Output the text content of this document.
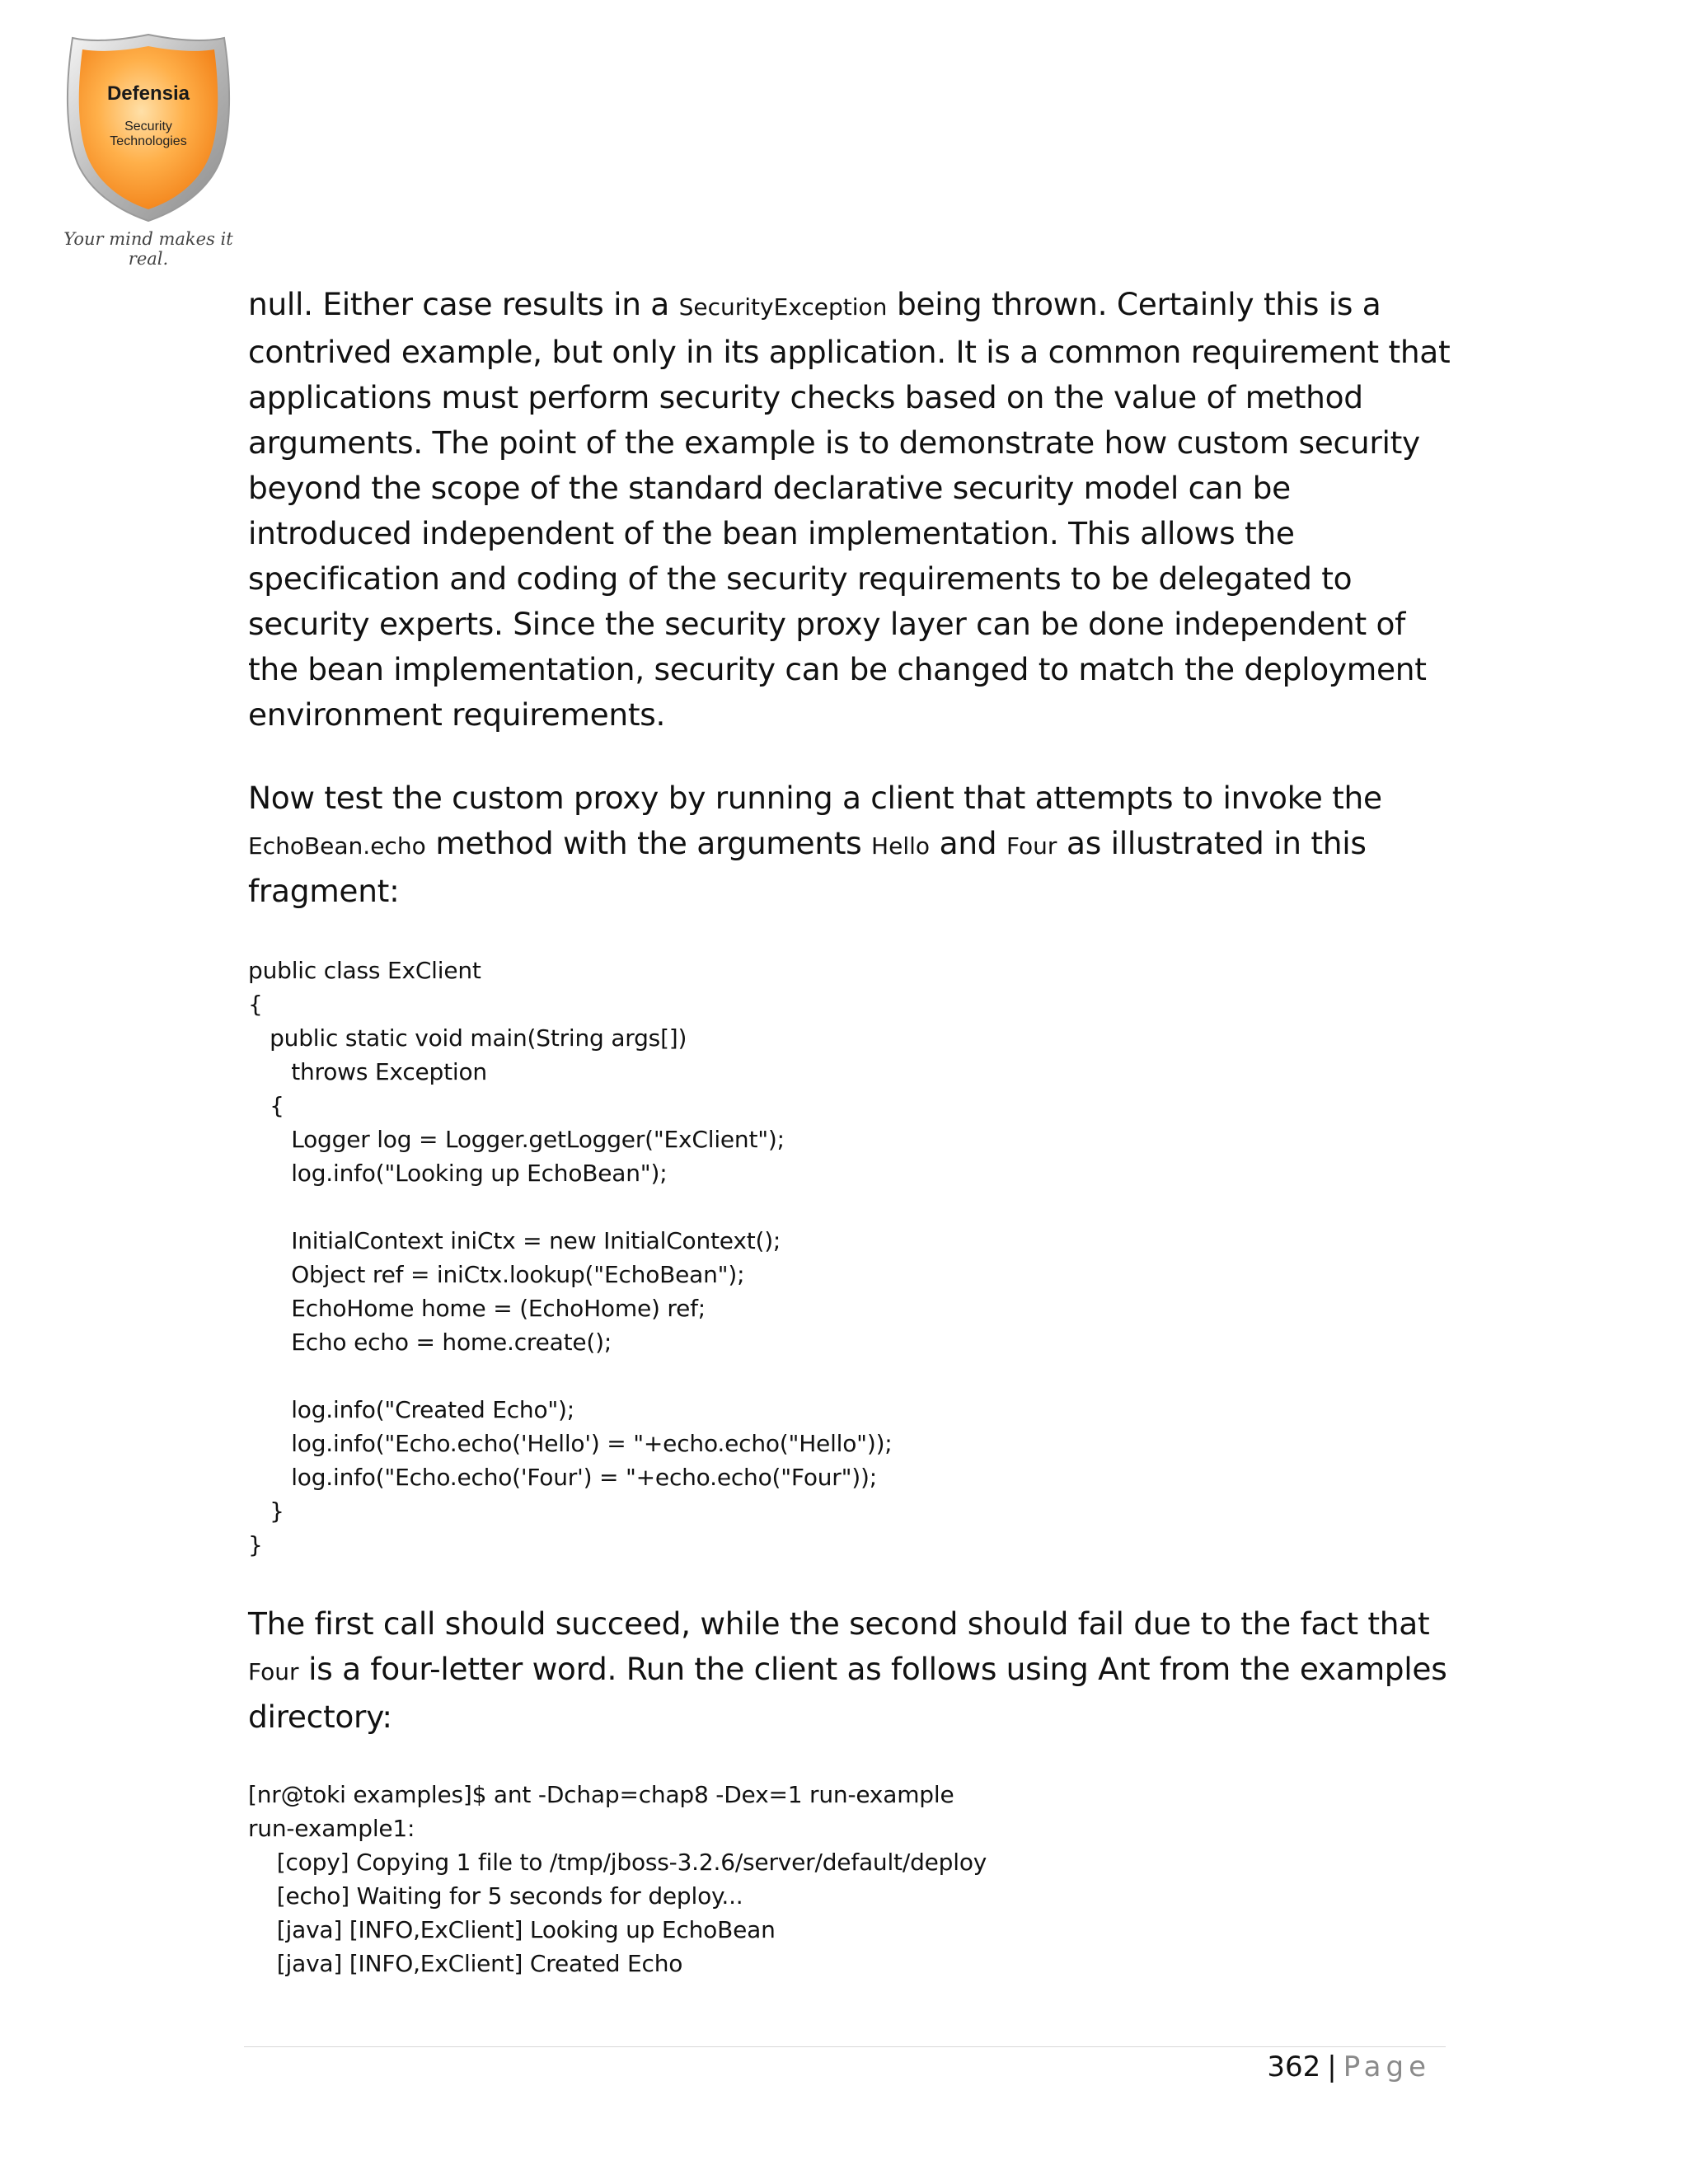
Defensia
Security
Technologies
Your mind makes it real.

null. Either case results in a SecurityException being thrown. Certainly this is a contrived example, but only in its application. It is a common requirement that applications must perform security checks based on the value of method arguments. The point of the example is to demonstrate how custom security beyond the scope of the standard declarative security model can be introduced independent of the bean implementation. This allows the specification and coding of the security requirements to be delegated to security experts. Since the security proxy layer can be done independent of the bean implementation, security can be changed to match the deployment environment requirements.

Now test the custom proxy by running a client that attempts to invoke the EchoBean.echo method with the arguments Hello and Four as illustrated in this fragment:

public class ExClient
{
public static void main(String args[])
throws Exception
{
Logger log = Logger.getLogger("ExClient");
log.info("Looking up EchoBean");

InitialContext iniCtx = new InitialContext();
Object ref = iniCtx.lookup("EchoBean");
EchoHome home = (EchoHome) ref;
Echo echo = home.create();

log.info("Created Echo");
log.info("Echo.echo('Hello') = "+echo.echo("Hello"));
log.info("Echo.echo('Four') = "+echo.echo("Four"));
}
}

The first call should succeed, while the second should fail due to the fact that Four is a four-letter word. Run the client as follows using Ant from the examples directory:

[nr@toki examples]$ ant -Dchap=chap8 -Dex=1 run-example
run-example1:
[copy] Copying 1 file to /tmp/jboss-3.2.6/server/default/deploy
[echo] Waiting for 5 seconds for deploy...
[java] [INFO,ExClient] Looking up EchoBean
[java] [INFO,ExClient] Created Echo
362 | Page
